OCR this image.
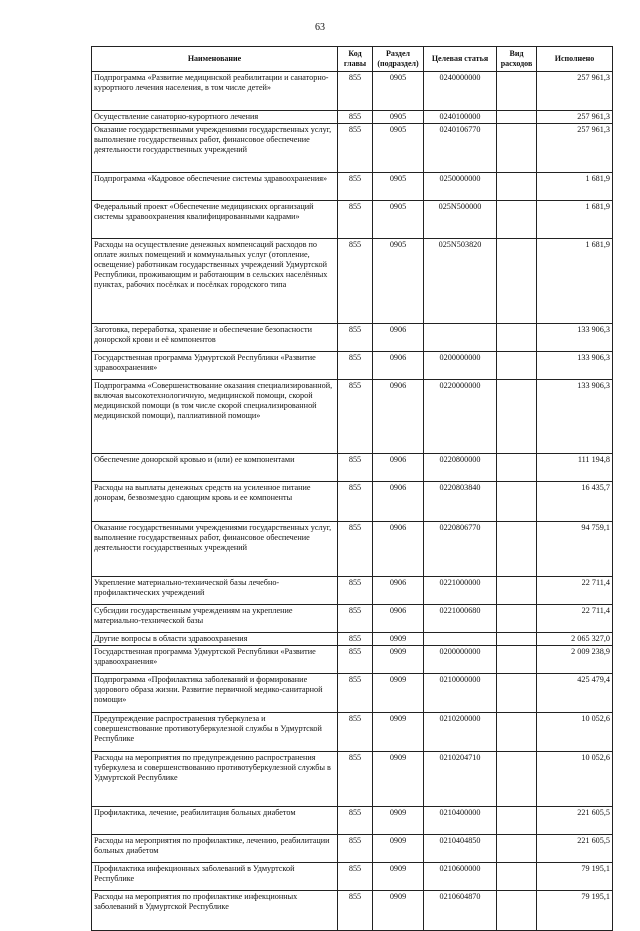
63
Наименование	Код главы	Раздел (подраздел)	Целевая статья	Вид расходов	Исполнено
Подпрограмма «Развитие медицинской реабилитации и санаторно-курортного лечения населения, в том числе детей»	855	0905	0240000000		257 961,3
Осуществление санаторно-курортного лечения	855	0905	0240100000		257 961,3
Оказание государственными учреждениями государственных услуг, выполнение государственных работ, финансовое обеспечение деятельности государственных учреждений	855	0905	0240106770		257 961,3
Подпрограмма «Кадровое обеспечение системы здравоохранения»	855	0905	0250000000		1 681,9
Федеральный проект «Обеспечение медицинских организаций системы здравоохранения квалифицированными кадрами»	855	0905	025N500000		1 681,9
Расходы на осуществление денежных компенсаций расходов по оплате жилых помещений и коммунальных услуг (отопление, освещение) работникам государственных учреждений Удмуртской Республики, проживающим и работающим в сельских населённых пунктах, рабочих посёлках и посёлках городского типа	855	0905	025N503820		1 681,9
Заготовка, переработка, хранение и обеспечение безопасности донорской крови и её компонентов	855	0906			133 906,3
Государственная программа Удмуртской Республики «Развитие здравоохранения»	855	0906	0200000000		133 906,3
Подпрограмма «Совершенствование оказания специализированной, включая высокотехнологичную, медицинской помощи, скорой медицинской помощи (в том числе скорой специализированной медицинской помощи), паллиативной помощи»	855	0906	0220000000		133 906,3
Обеспечение донорской кровью и (или) ее компонентами	855	0906	0220800000		111 194,8
Расходы на выплаты денежных средств на усиленное питание донорам, безвозмездно сдающим кровь и ее компоненты	855	0906	0220803840		16 435,7
Оказание государственными учреждениями государственных услуг, выполнение государственных работ, финансовое обеспечение деятельности государственных учреждений	855	0906	0220806770		94 759,1
Укрепление материально-технической базы лечебно-профилактических учреждений	855	0906	0221000000		22 711,4
Субсидии государственным учреждениям на укрепление материально-технической базы	855	0906	0221000680		22 711,4
Другие вопросы в области здравоохранения	855	0909			2 065 327,0
Государственная программа Удмуртской Республики «Развитие здравоохранения»	855	0909	0200000000		2 009 238,9
Подпрограмма «Профилактика заболеваний и формирование здорового образа жизни. Развитие первичной медико-санитарной помощи»	855	0909	0210000000		425 479,4
Предупреждение распространения туберкулеза и совершенствование противотуберкулезной службы в Удмуртской Республике	855	0909	0210200000		10 052,6
Расходы на мероприятия по предупреждению распространения туберкулеза и совершенствованию противотуберкулезной службы в Удмуртской Республике	855	0909	0210204710		10 052,6
Профилактика, лечение, реабилитация больных диабетом	855	0909	0210400000		221 605,5
Расходы на мероприятия по профилактике, лечению, реабилитации больных диабетом	855	0909	0210404850		221 605,5
Профилактика инфекционных заболеваний в Удмуртской Республике	855	0909	0210600000		79 195,1
Расходы на мероприятия по профилактике инфекционных заболеваний в Удмуртской Республике	855	0909	0210604870		79 195,1
